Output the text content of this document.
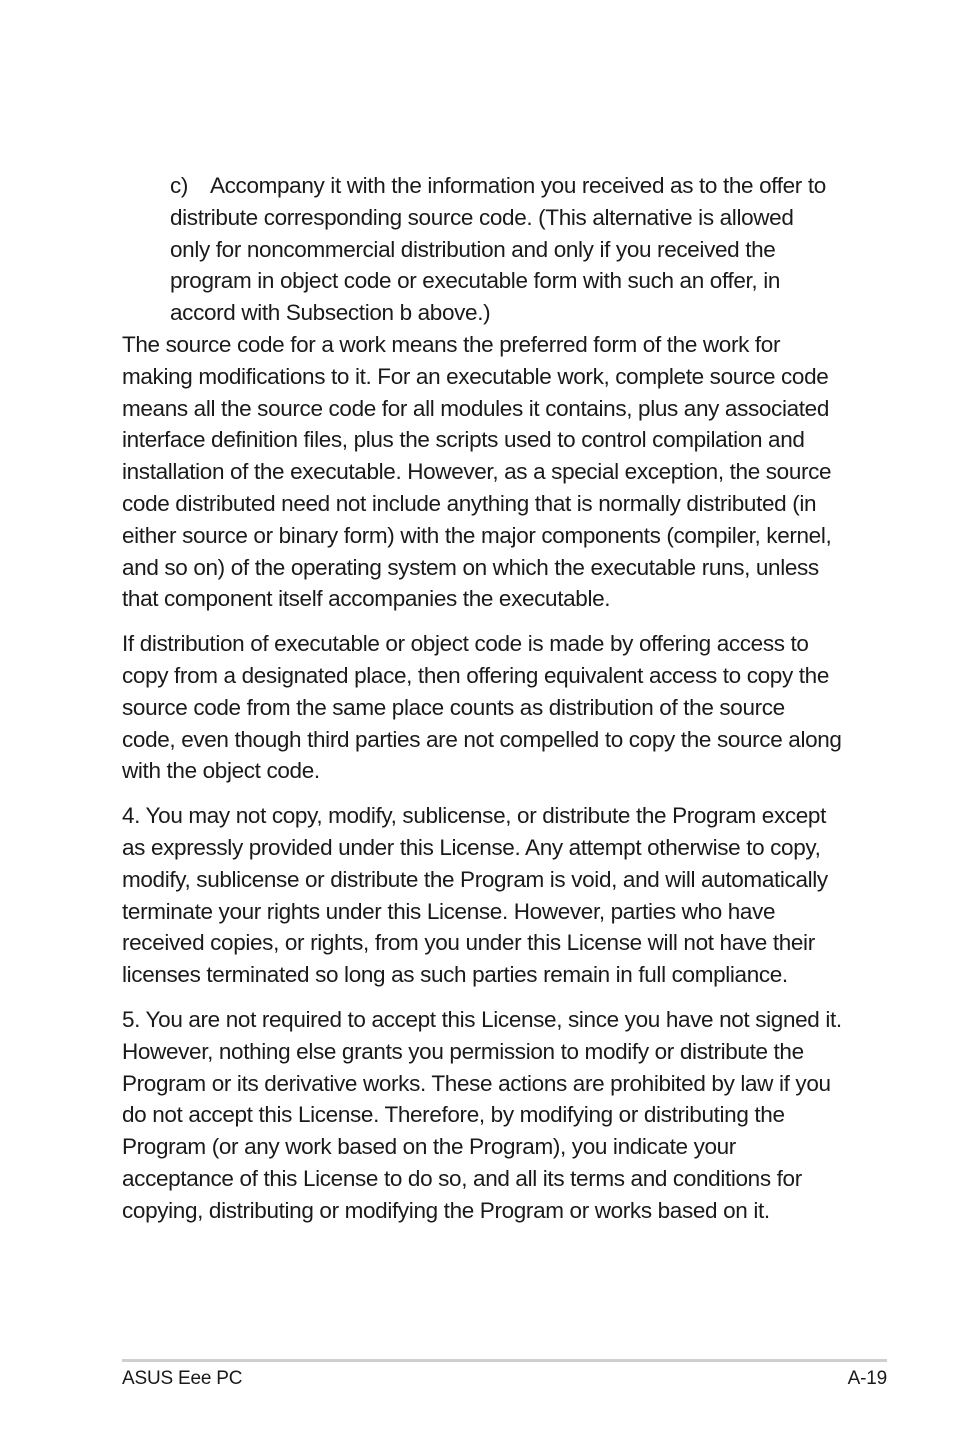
c) Accompany it with the information you received as to the offer to distribute corresponding source code. (This alternative is allowed only for noncommercial distribution and only if you received the program in object code or executable form with such an offer, in accord with Subsection b above.)

The source code for a work means the preferred form of the work for making modifications to it. For an executable work, complete source code means all the source code for all modules it contains, plus any associated interface definition files, plus the scripts used to control compilation and installation of the executable. However, as a special exception, the source code distributed need not include anything that is normally distributed (in either source or binary form) with the major components (compiler, kernel, and so on) of the operating system on which the executable runs, unless that component itself accompanies the executable.

If distribution of executable or object code is made by offering access to copy from a designated place, then offering equivalent access to copy the source code from the same place counts as distribution of the source code, even though third parties are not compelled to copy the source along with the object code.

4. You may not copy, modify, sublicense, or distribute the Program except as expressly provided under this License. Any attempt otherwise to copy, modify, sublicense or distribute the Program is void, and will automatically terminate your rights under this License. However, parties who have received copies, or rights, from you under this License will not have their licenses terminated so long as such parties remain in full compliance.

5. You are not required to accept this License, since you have not signed it. However, nothing else grants you permission to modify or distribute the Program or its derivative works. These actions are prohibited by law if you do not accept this License. Therefore, by modifying or distributing the Program (or any work based on the Program), you indicate your acceptance of this License to do so, and all its terms and conditions for copying, distributing or modifying the Program or works based on it.

ASUS Eee PC	A-19
